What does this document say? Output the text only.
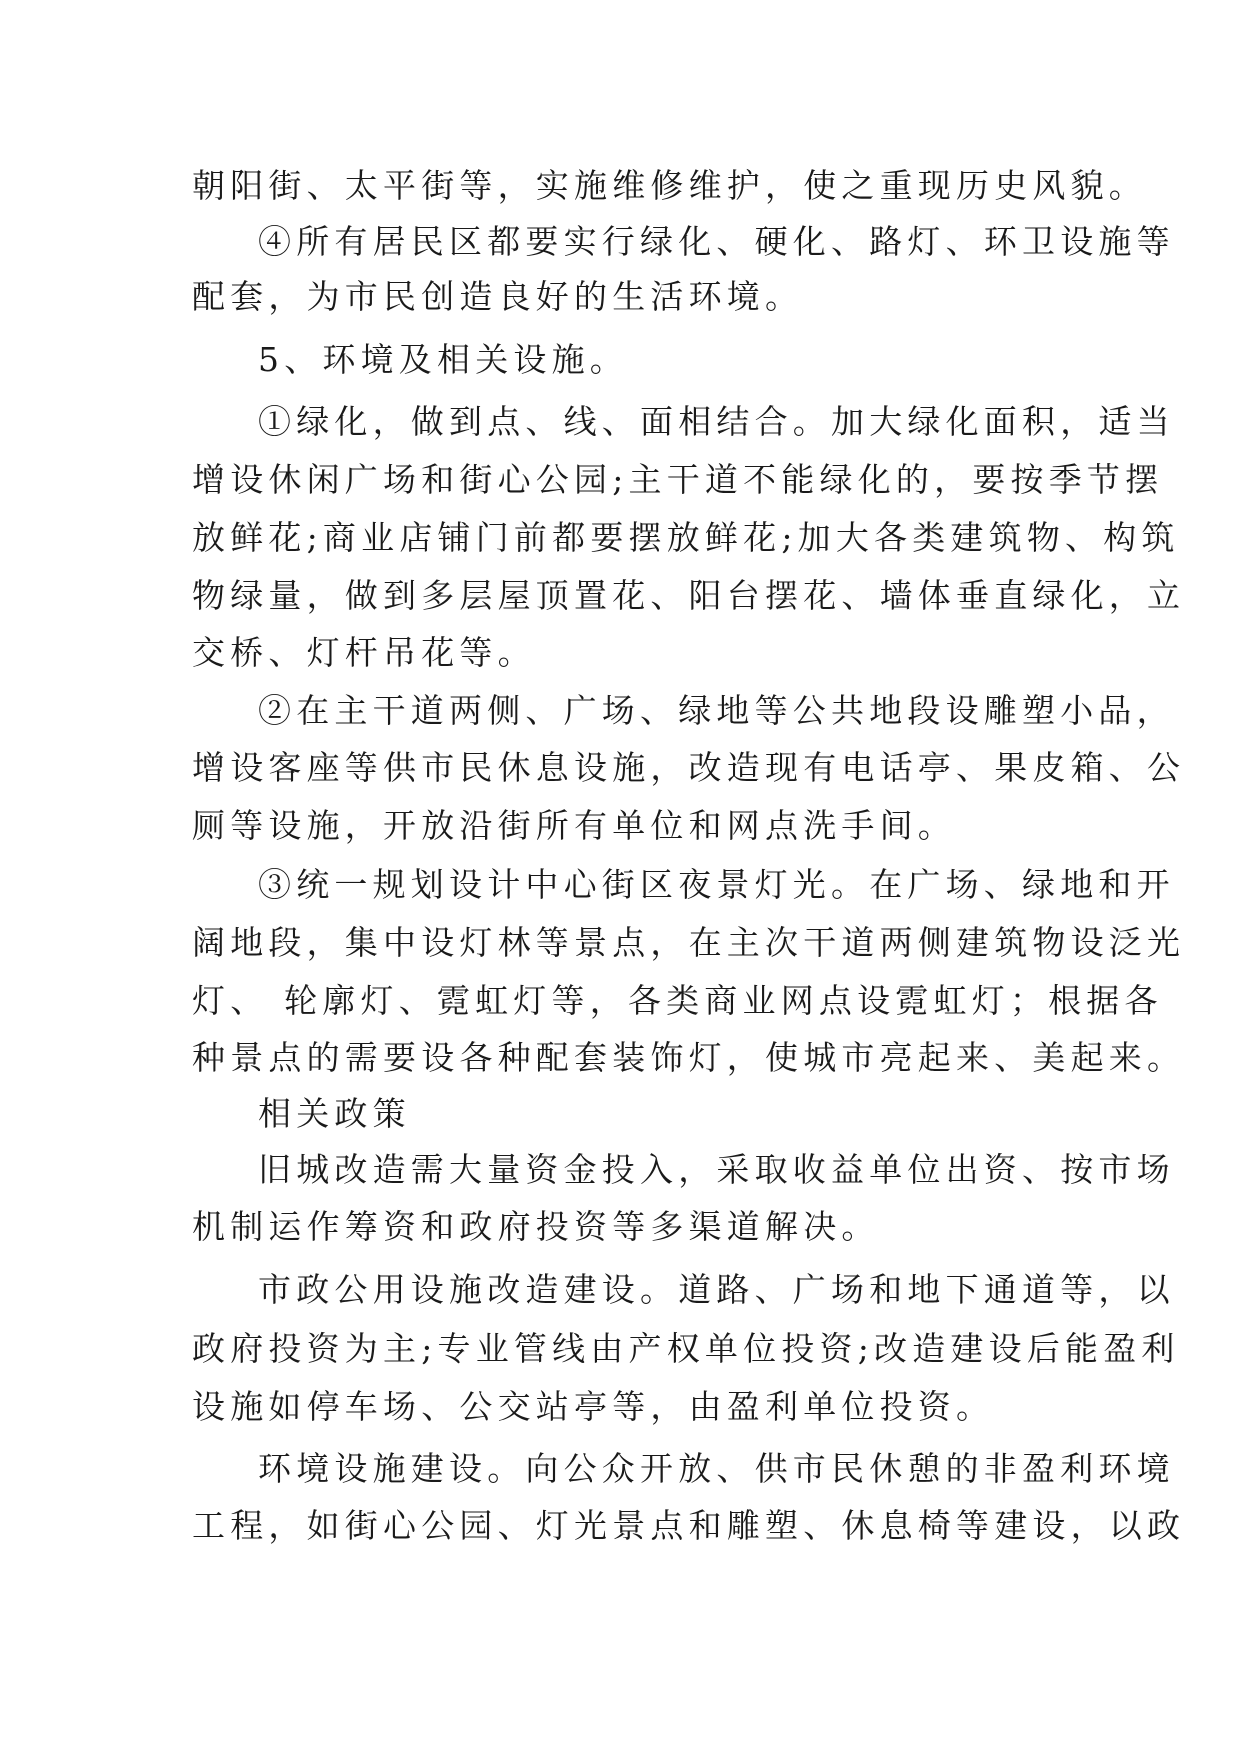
朝阳街、太平街等，实施维修维护，使之重现历史风貌。
④所有居民区都要实行绿化、硬化、路灯、环卫设施等
配套，为市民创造良好的生活环境。
5、环境及相关设施。
①绿化，做到点、线、面相结合。加大绿化面积，适当
增设休闲广场和街心公园;主干道不能绿化的，要按季节摆
放鲜花;商业店铺门前都要摆放鲜花;加大各类建筑物、构筑
物绿量，做到多层屋顶置花、阳台摆花、墙体垂直绿化，立
交桥、灯杆吊花等。
②在主干道两侧、广场、绿地等公共地段设雕塑小品，
增设客座等供市民休息设施，改造现有电话亭、果皮箱、公
厕等设施，开放沿街所有单位和网点洗手间。
③统一规划设计中心街区夜景灯光。在广场、绿地和开
阔地段，集中设灯林等景点，在主次干道两侧建筑物设泛光
灯、 轮廓灯、霓虹灯等，各类商业网点设霓虹灯；根据各
种景点的需要设各种配套装饰灯，使城市亮起来、美起来。
相关政策
旧城改造需大量资金投入，采取收益单位出资、按市场
机制运作筹资和政府投资等多渠道解决。
市政公用设施改造建设。道路、广场和地下通道等，以
政府投资为主;专业管线由产权单位投资;改造建设后能盈利
设施如停车场、公交站亭等，由盈利单位投资。
环境设施建设。向公众开放、供市民休憩的非盈利环境
工程，如街心公园、灯光景点和雕塑、休息椅等建设，以政
